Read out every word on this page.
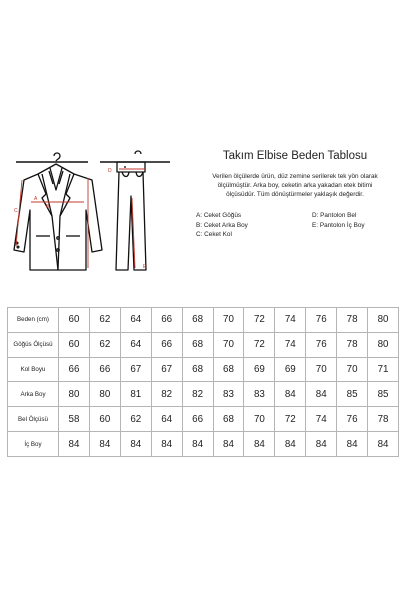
A
B
C
D
E
Takım Elbise Beden Tablosu
Verilen ölçülerde ürün, düz zemine serilerek tek yön olarak
ölçülmüştür. Arka boy, ceketin arka yakadan etek bitimi
ölçüsüdür. Tüm dönüştürmeler yaklaşık değerdir.
A: Ceket Göğüs
B: Ceket Arka Boy
C: Ceket Kol
D: Pantolon Bel
E: Pantolon İç Boy
Beden (cm)	60	62	64	66	68	70	72	74	76	78	80
Göğüs Ölçüsü	60	62	64	66	68	70	72	74	76	78	80
Kol Boyu	66	66	67	67	68	68	69	69	70	70	71
Arka Boy	80	80	81	82	82	83	83	84	84	85	85
Bel Ölçüsü	58	60	62	64	66	68	70	72	74	76	78
İç Boy	84	84	84	84	84	84	84	84	84	84	84
